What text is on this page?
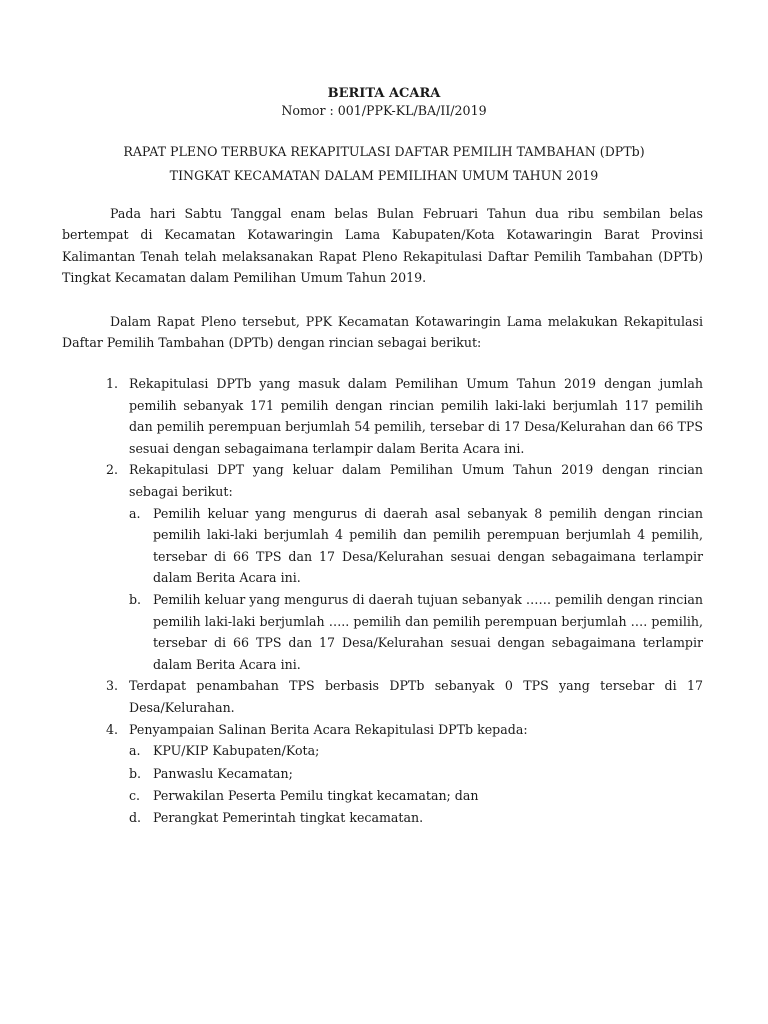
BERITA ACARA
Nomor : 001/PPK-KL/BA/II/2019
RAPAT PLENO TERBUKA REKAPITULASI DAFTAR PEMILIH TAMBAHAN (DPTb)
TINGKAT KECAMATAN DALAM PEMILIHAN UMUM TAHUN 2019

Pada hari Sabtu Tanggal enam belas Bulan Februari Tahun dua ribu sembilan belas bertempat di Kecamatan Kotawaringin Lama Kabupaten/Kota Kotawaringin Barat Provinsi Kalimantan Tenah telah melaksanakan Rapat Pleno Rekapitulasi Daftar Pemilih Tambahan (DPTb) Tingkat Kecamatan dalam Pemilihan Umum Tahun 2019.

Dalam Rapat Pleno tersebut, PPK Kecamatan Kotawaringin Lama melakukan Rekapitulasi Daftar Pemilih Tambahan (DPTb) dengan rincian sebagai berikut:

1. Rekapitulasi DPTb yang masuk dalam Pemilihan Umum Tahun 2019 dengan jumlah pemilih sebanyak 171 pemilih dengan rincian pemilih laki-laki berjumlah 117 pemilih dan pemilih perempuan berjumlah 54 pemilih, tersebar di 17 Desa/Kelurahan dan 66 TPS sesuai dengan sebagaimana terlampir dalam Berita Acara ini.
2. Rekapitulasi DPT yang keluar dalam Pemilihan Umum Tahun 2019 dengan rincian sebagai berikut:
a. Pemilih keluar yang mengurus di daerah asal sebanyak 8 pemilih dengan rincian pemilih laki-laki berjumlah 4 pemilih dan pemilih perempuan berjumlah 4 pemilih, tersebar di 66 TPS dan 17 Desa/Kelurahan sesuai dengan sebagaimana terlampir dalam Berita Acara ini.
b. Pemilih keluar yang mengurus di daerah tujuan sebanyak …… pemilih dengan rincian pemilih laki-laki berjumlah ….. pemilih dan pemilih perempuan berjumlah …. pemilih, tersebar di 66 TPS dan 17 Desa/Kelurahan sesuai dengan sebagaimana terlampir dalam Berita Acara ini.
3. Terdapat penambahan TPS berbasis DPTb sebanyak 0 TPS yang tersebar di 17 Desa/Kelurahan.
4. Penyampaian Salinan Berita Acara Rekapitulasi DPTb kepada:
a. KPU/KIP Kabupaten/Kota;
b. Panwaslu Kecamatan;
c. Perwakilan Peserta Pemilu tingkat kecamatan; dan
d. Perangkat Pemerintah tingkat kecamatan.
